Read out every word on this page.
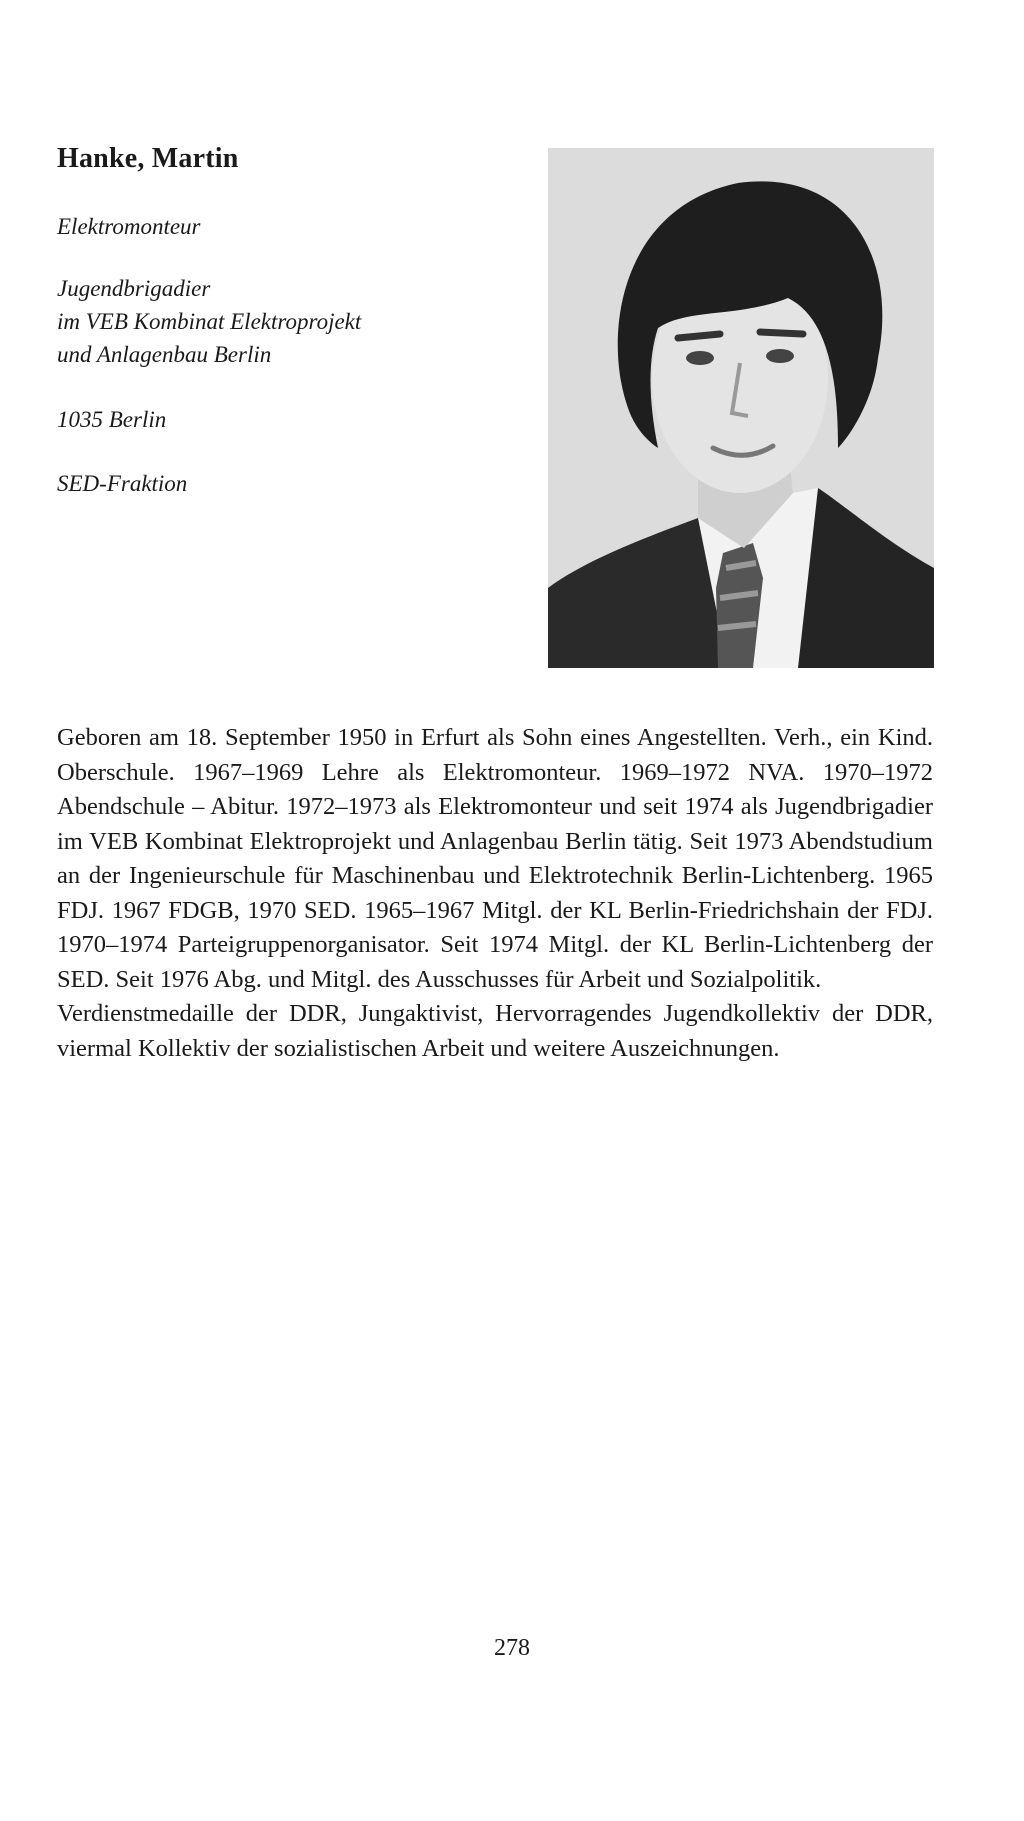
Hanke, Martin
Elektromonteur
Jugendbrigadier
im VEB Kombinat Elektroprojekt
und Anlagenbau Berlin
1035 Berlin
SED-Fraktion

Geboren am 18. September 1950 in Erfurt als Sohn eines Angestellten. Verh., ein Kind. Oberschule. 1967–1969 Lehre als Elektromonteur. 1969–1972 NVA. 1970–1972 Abendschule – Abitur. 1972–1973 als Elektromonteur und seit 1974 als Jugendbrigadier im VEB Kombinat Elektroprojekt und Anlagenbau Berlin tätig. Seit 1973 Abendstudium an der Ingenieurschule für Maschinenbau und Elektrotechnik Berlin-Lichtenberg. 1965 FDJ. 1967 FDGB, 1970 SED. 1965–1967 Mitgl. der KL Berlin-Friedrichshain der FDJ. 1970–1974 Parteigruppenorganisator. Seit 1974 Mitgl. der KL Berlin-Lichtenberg der SED. Seit 1976 Abg. und Mitgl. des Ausschusses für Arbeit und Sozialpolitik.

Verdienstmedaille der DDR, Jungaktivist, Hervorragendes Jugendkollektiv der DDR, viermal Kollektiv der sozialistischen Arbeit und weitere Auszeichnungen.

278
